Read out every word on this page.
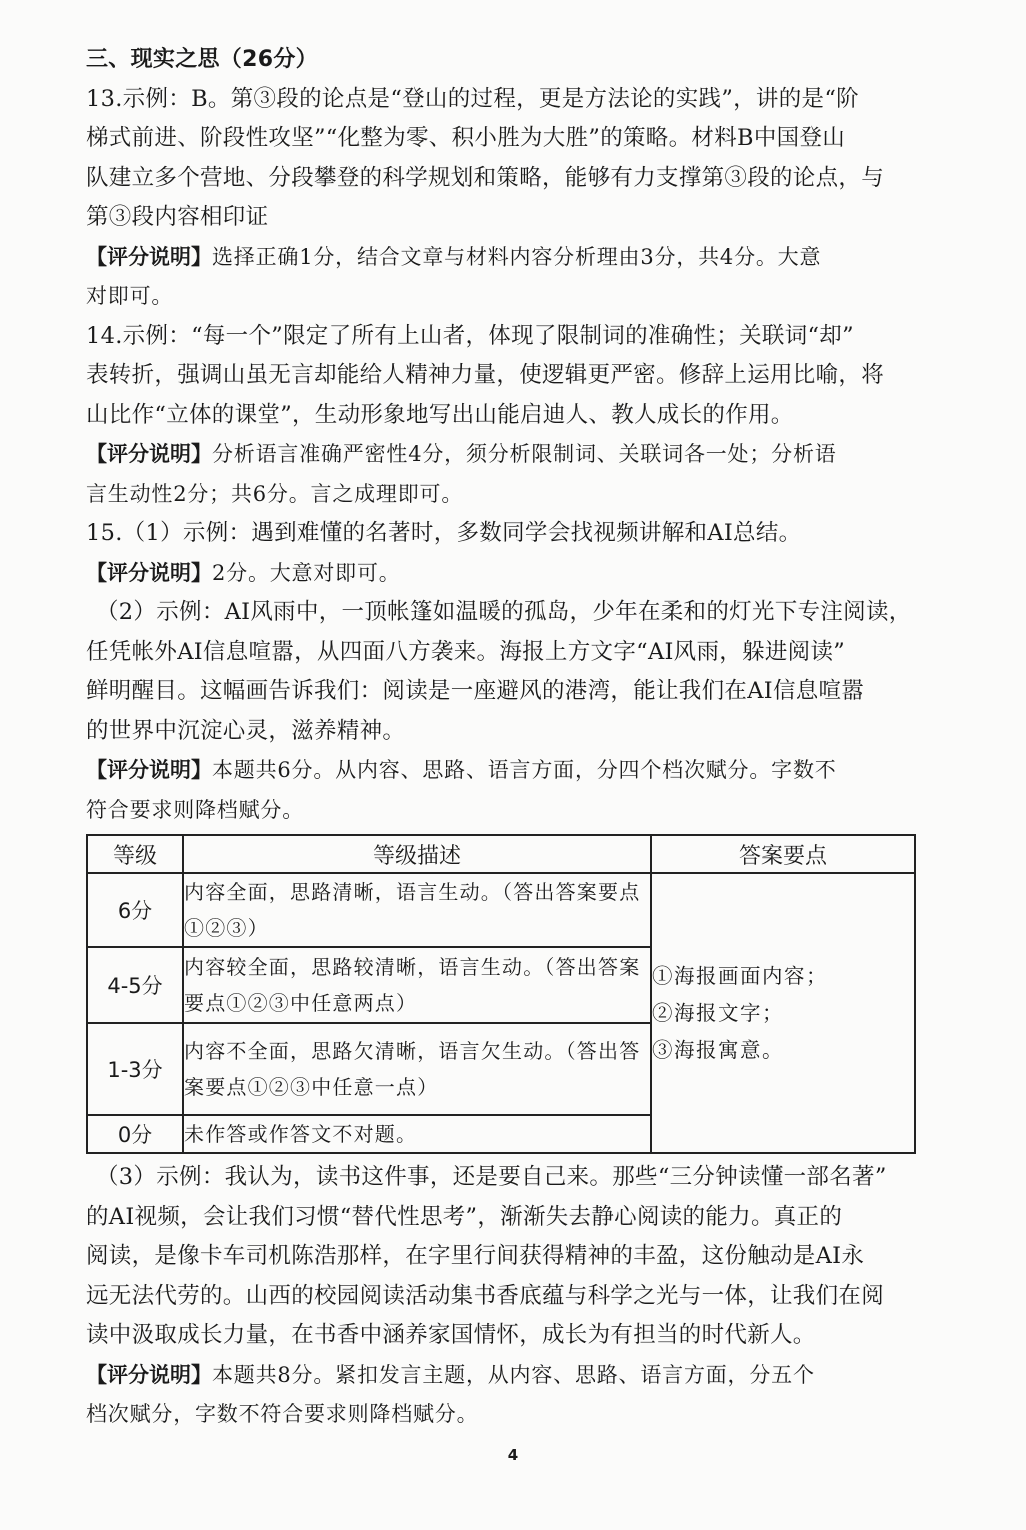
三、现实之思（26分）
13.示例：B。第③段的论点是“登山的过程，更是方法论的实践”，讲的是“阶
梯式前进、阶段性攻坚”“化整为零、积小胜为大胜”的策略。材料B中国登山
队建立多个营地、分段攀登的科学规划和策略，能够有力支撑第③段的论点，与
第③段内容相印证
【评分说明】选择正确1分，结合文章与材料内容分析理由3分，共4分。大意
对即可。
14.示例：“每一个”限定了所有上山者，体现了限制词的准确性；关联词“却”
表转折，强调山虽无言却能给人精神力量，使逻辑更严密。修辞上运用比喻，将
山比作“立体的课堂”，生动形象地写出山能启迪人、教人成长的作用。
【评分说明】分析语言准确严密性4分，须分析限制词、关联词各一处；分析语
言生动性2分；共6分。言之成理即可。
15.（1）示例：遇到难懂的名著时，多数同学会找视频讲解和AI总结。
【评分说明】2分。大意对即可。
（2）示例：AI风雨中，一顶帐篷如温暖的孤岛，少年在柔和的灯光下专注阅读，
任凭帐外AI信息喧嚣，从四面八方袭来。海报上方文字“AI风雨，躲进阅读”
鲜明醒目。这幅画告诉我们：阅读是一座避风的港湾，能让我们在AI信息喧嚣
的世界中沉淀心灵，滋养精神。
【评分说明】本题共6分。从内容、思路、语言方面，分四个档次赋分。字数不
符合要求则降档赋分。
等级	等级描述	答案要点
6分	内容全面，思路清晰，语言生动。（答出答案要点①②③）	①海报画面内容；
②海报文字；
③海报寓意。

4-5分	内容较全面，思路较清晰，语言生动。（答出答案要点①②③中任意两点）	
1-3分	内容不全面，思路欠清晰，语言欠生动。（答出答案要点①②③中任意一点）	
0分	未作答或作答文不对题。	
（3）示例：我认为，读书这件事，还是要自己来。那些“三分钟读懂一部名著”
的AI视频，会让我们习惯“替代性思考”，渐渐失去静心阅读的能力。真正的
阅读，是像卡车司机陈浩那样，在字里行间获得精神的丰盈，这份触动是AI永
远无法代劳的。山西的校园阅读活动集书香底蕴与科学之光与一体，让我们在阅
读中汲取成长力量，在书香中涵养家国情怀，成长为有担当的时代新人。
【评分说明】本题共8分。紧扣发言主题，从内容、思路、语言方面，分五个
档次赋分，字数不符合要求则降档赋分。
4
